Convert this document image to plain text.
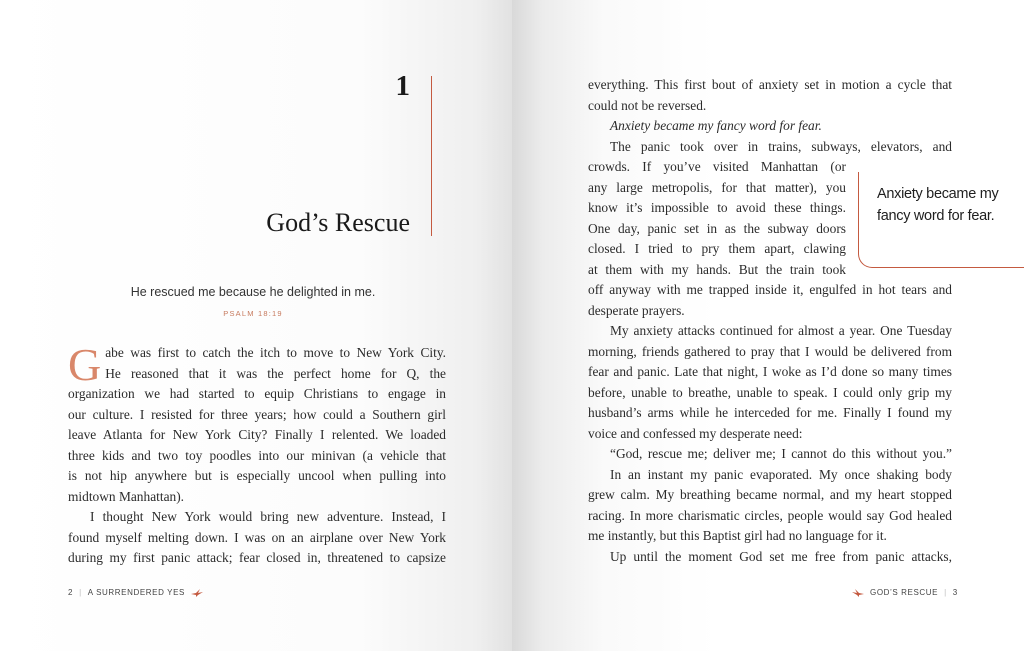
1
God’s Rescue
He rescued me because he delighted in me.
PSALM 18:19
G abe was first to catch the itch to move to New York City.
He reasoned that it was the perfect home for Q, the
organization we had started to equip Christians to engage in
our culture. I resisted for three years; how could a Southern girl
leave Atlanta for New York City? Finally I relented. We loaded
three kids and two toy poodles into our minivan (a vehicle that
is not hip anywhere but is especially uncool when pulling into
midtown Manhattan).
I thought New York would bring new adventure. Instead, I
found myself melting down. I was on an airplane over New York
during my first panic attack; fear closed in, threatened to capsize
2 | A SURRENDERED YES
everything. This first bout of anxiety set in motion a cycle that
could not be reversed.
Anxiety became my fancy word for fear.
The panic took over in trains, subways, elevators, and
crowds. If you’ve visited Manhattan (or
any large metropolis, for that matter), you
know it’s impossible to avoid these things.
One day, panic set in as the subway doors
closed. I tried to pry them apart, clawing
at them with my hands. But the train took
Anxiety became my fancy word for fear.
off anyway with me trapped inside it, engulfed in hot tears and
desperate prayers.
My anxiety attacks continued for almost a year. One Tuesday
morning, friends gathered to pray that I would be delivered from
fear and panic. Late that night, I woke as I’d done so many times
before, unable to breathe, unable to speak. I could only grip my
husband’s arms while he interceded for me. Finally I found my
voice and confessed my desperate need:
“God, rescue me; deliver me; I cannot do this without you.”
In an instant my panic evaporated. My once shaking body
grew calm. My breathing became normal, and my heart stopped
racing. In more charismatic circles, people would say God healed
me instantly, but this Baptist girl had no language for it.
Up until the moment God set me free from panic attacks,
GOD’S RESCUE | 3
